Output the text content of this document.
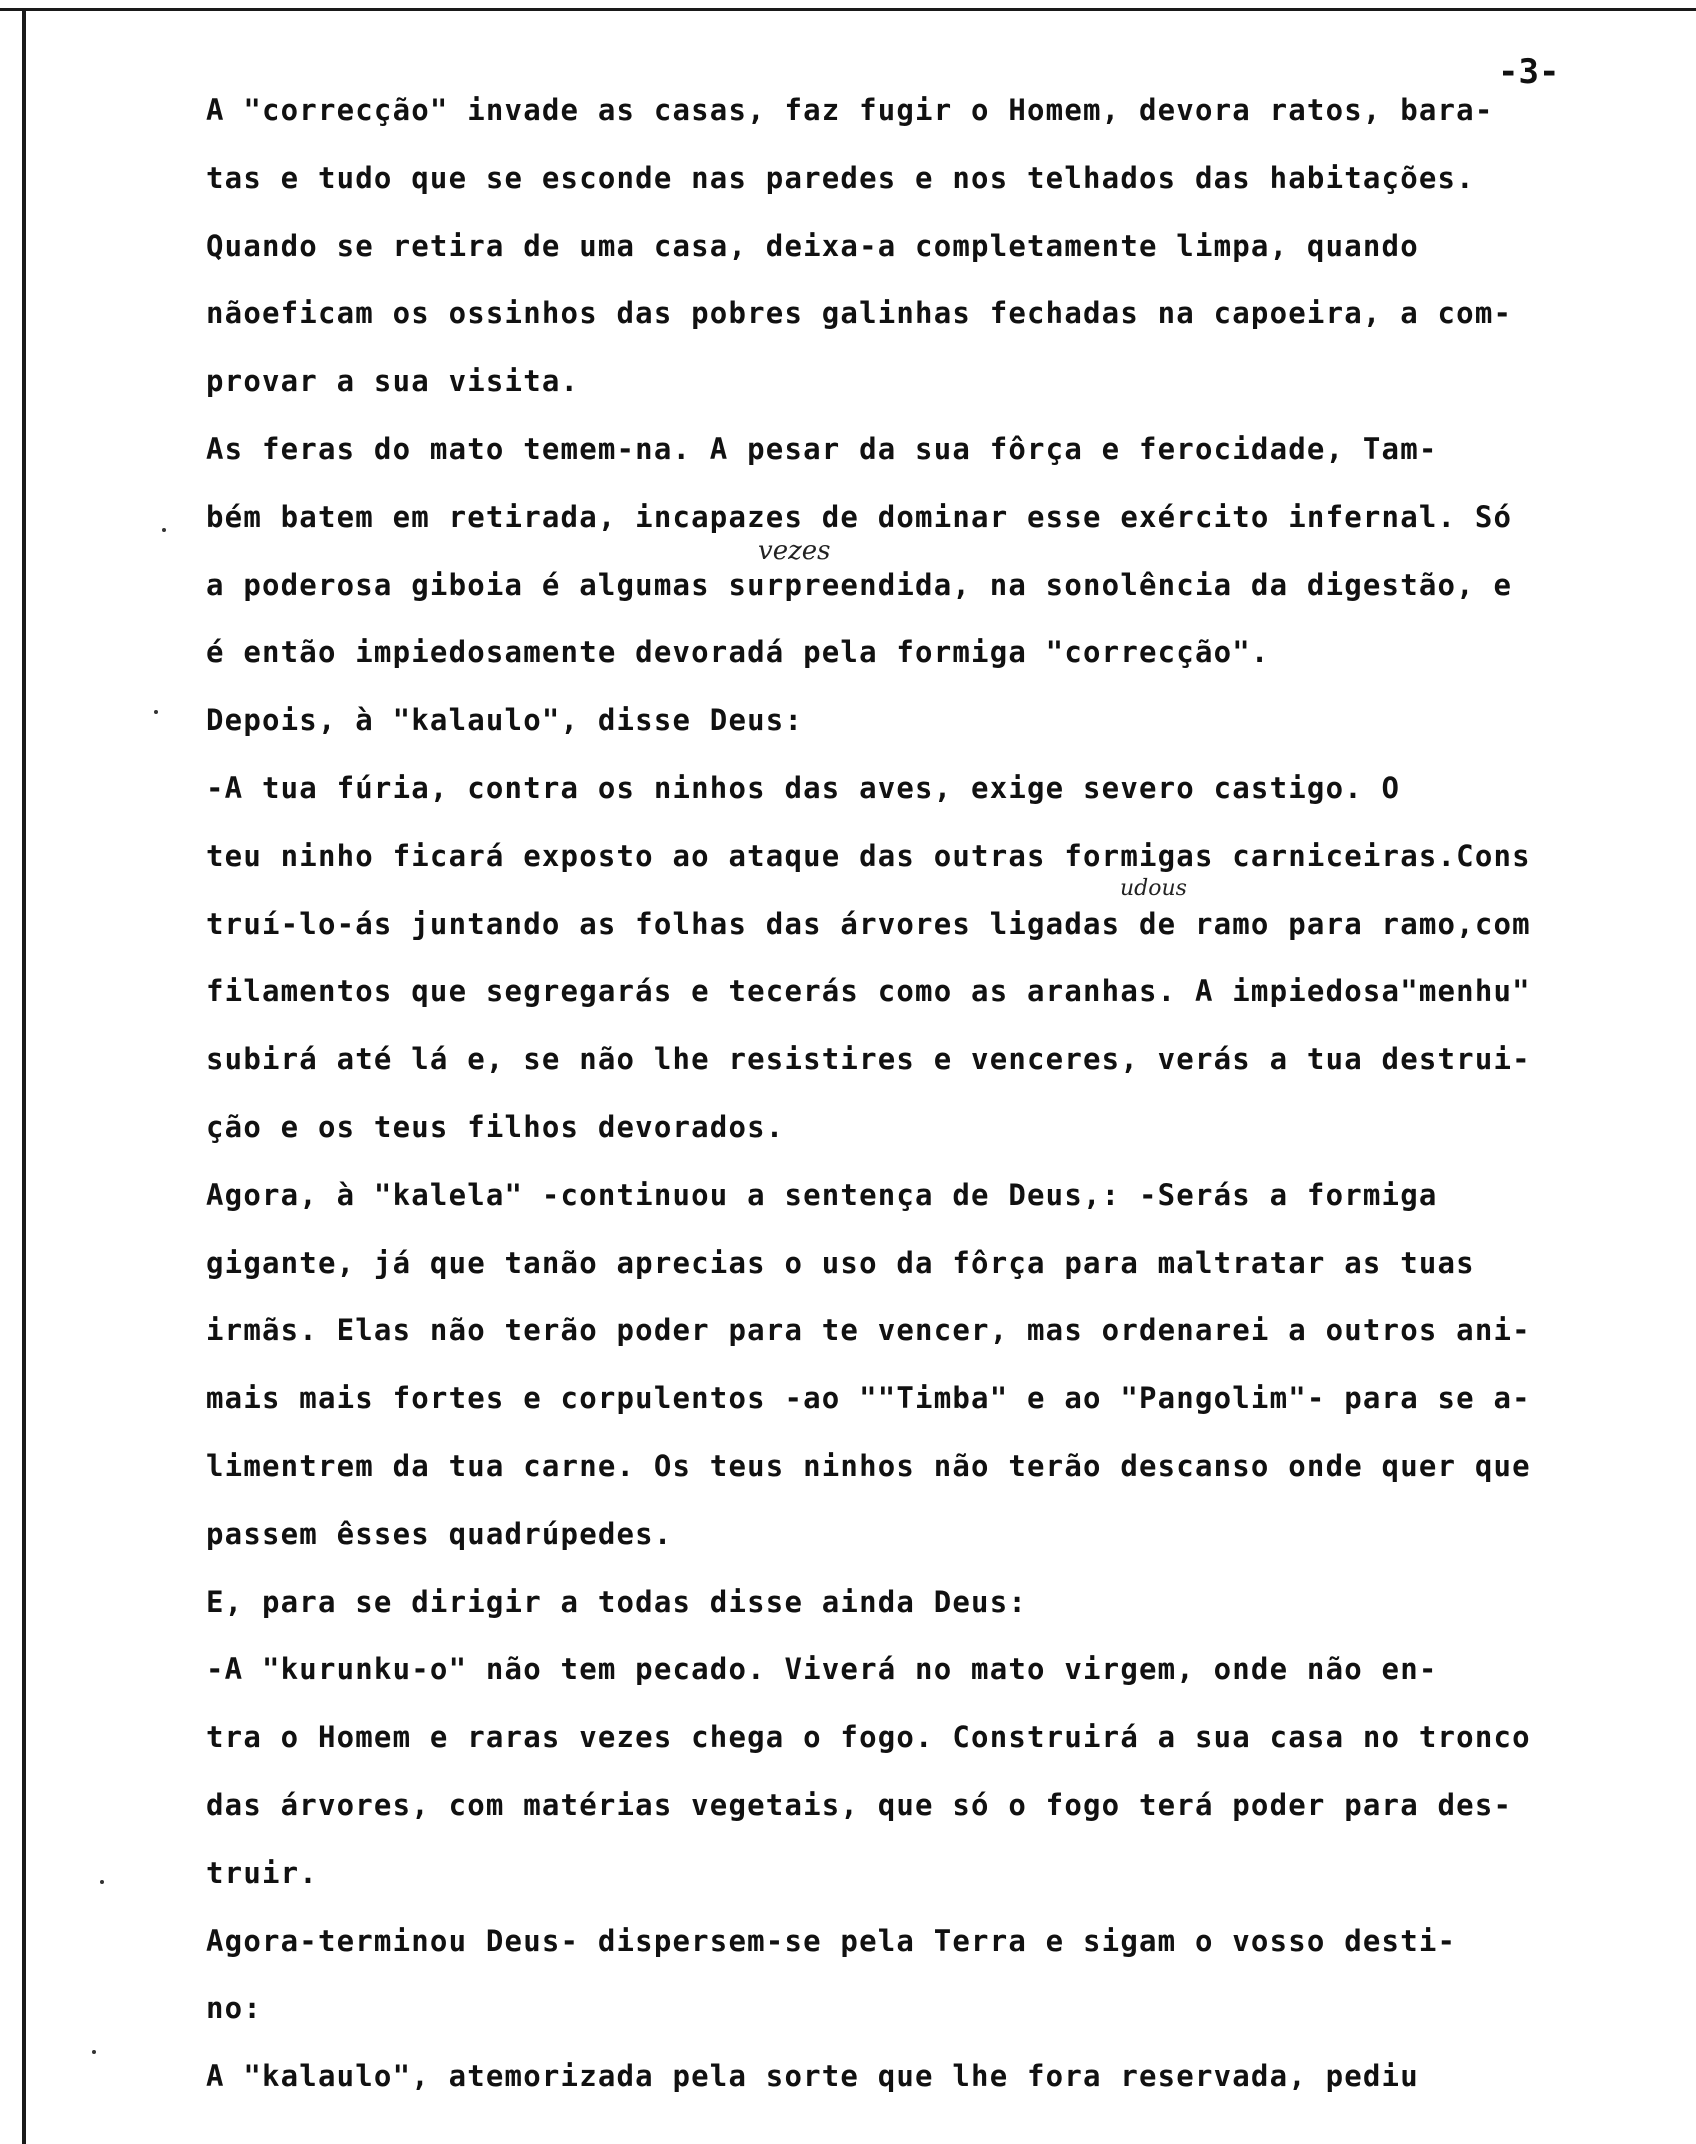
-3-
A "correcção" invade as casas, faz fugir o Homem, devora ratos, bara-
tas e tudo que se esconde nas paredes e nos telhados das habitações.
Quando se retira de uma casa, deixa-a completamente limpa, quando
nãoeficam os ossinhos das pobres galinhas fechadas na capoeira, a com-
provar a sua visita.
As feras do mato temem-na. A pesar da sua fôrça e ferocidade, Tam-
bém batem em retirada, incapazes de dominar esse exército infernal. Só
a poderosa giboia é algumas surpreendida, na sonolência da digestão, e
é então impiedosamente devoradá pela formiga "correcção".
Depois, à "kalaulo", disse Deus:
-A tua fúria, contra os ninhos das aves, exige severo castigo. O
teu ninho ficará exposto ao ataque das outras formigas carniceiras.Cons
truí-lo-ás juntando as folhas das árvores ligadas de ramo para ramo,com
filamentos que segregarás e tecerás como as aranhas. A impiedosa"menhu"
subirá até lá e, se não lhe resistires e venceres, verás a tua destrui-
ção e os teus filhos devorados.
Agora, à "kalela" -continuou a sentença de Deus,: -Serás a formiga
gigante, já que tanão aprecias o uso da fôrça para maltratar as tuas
irmãs. Elas não terão poder para te vencer, mas ordenarei a outros ani-
mais mais fortes e corpulentos -ao ""Timba" e ao "Pangolim"- para se a-
limentrem da tua carne. Os teus ninhos não terão descanso onde quer que
passem êsses quadrúpedes.
E, para se dirigir a todas disse ainda Deus:
-A "kurunku-o" não tem pecado. Viverá no mato virgem, onde não en-
tra o Homem e raras vezes chega o fogo. Construirá a sua casa no tronco
das árvores, com matérias vegetais, que só o fogo terá poder para des-
truir.
Agora-terminou Deus- dispersem-se pela Terra e sigam o vosso desti-
no:
A "kalaulo", atemorizada pela sorte que lhe fora reservada, pediu
vezes
udous
